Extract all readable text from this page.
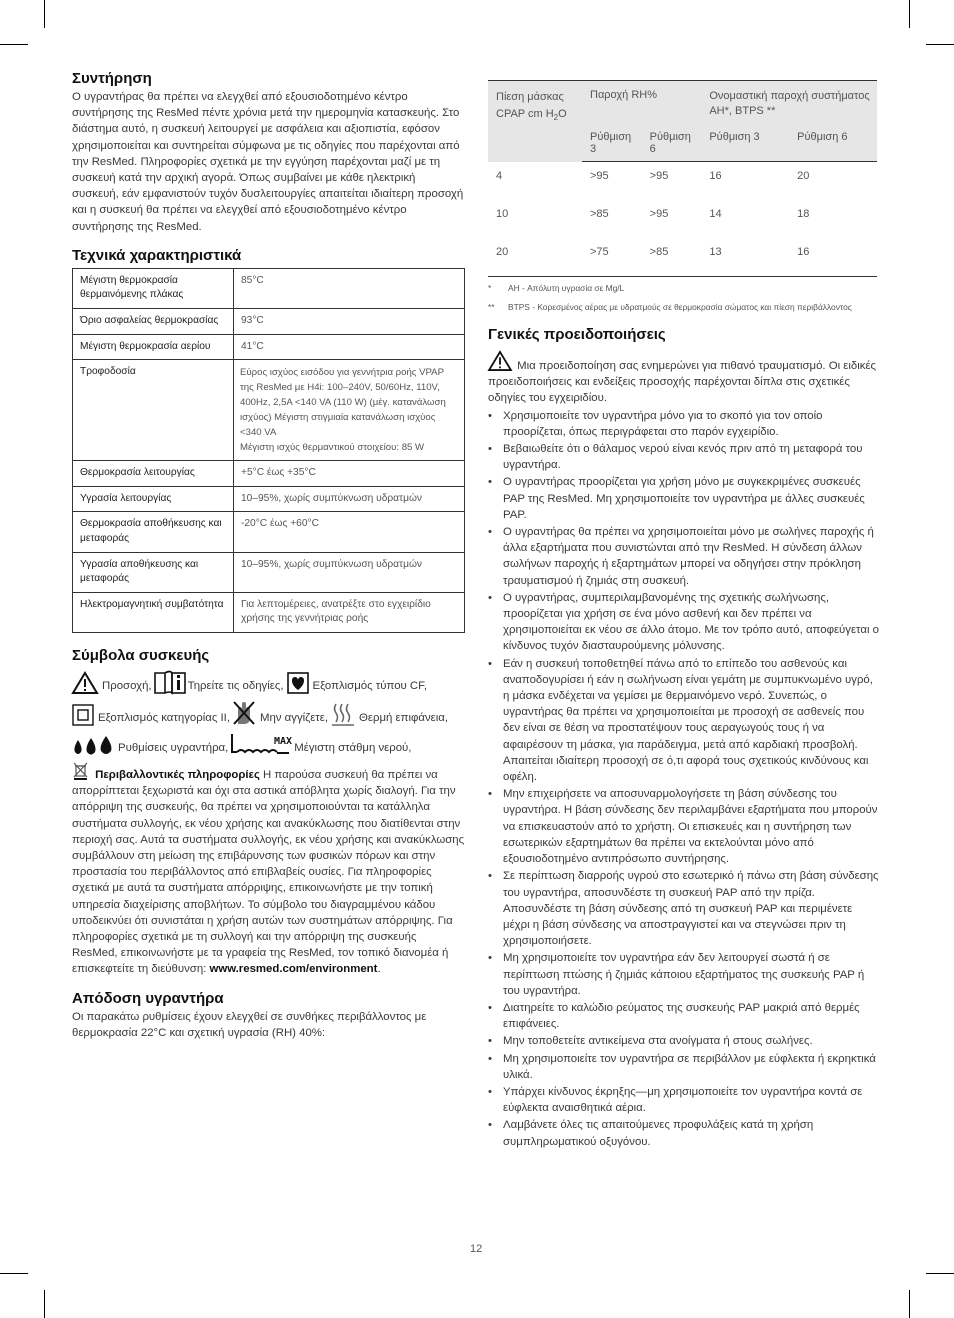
Συντήρηση

Ο υγραντήρας θα πρέπει να ελεγχθεί από εξουσιοδοτημένο κέντρο συντήρησης της ResMed πέντε χρόνια μετά την ημερομηνία κατασκευής. Στο διάστημα αυτό, η συσκευή λειτουργεί με ασφάλεια και αξιοπιστία, εφόσον χρησιμοποιείται και συντηρείται σύμφωνα με τις οδηγίες που παρέχονται από την ResMed. Πληροφορίες σχετικά με την εγγύηση παρέχονται μαζί με τη συσκευή κατά την αρχική αγορά. Όπως συμβαίνει με κάθε ηλεκτρική συσκευή, εάν εμφανιστούν τυχόν δυσλειτουργίες απαιτείται ιδιαίτερη προσοχή και η συσκευή θα πρέπει να ελεγχθεί από εξουσιοδοτημένο κέντρο συντήρησης της ResMed.

Τεχνικά χαρακτηριστικά
Μέγιστη θερμοκρασία θερμαινόμενης πλάκας	85°C
Όριο ασφαλείας θερμοκρασίας	93°C
Μέγιστη θερμοκρασία αερίου	41°C
Τροφοδοσία	Εύρος ισχύος εισόδου για γεννήτρια ροής VPAP της ResMed με H4i: 100–240V, 50/60Hz, 110V, 400Hz, 2,5A <140 VA (110 W) (μέγ. κατανάλωση ισχύος) Μέγιστη στιγμιαία κατανάλωση ισχύος <340 VA
Μέγιστη ισχύς θερμαντικού στοιχείου: 85 W
Θερμοκρασία λειτουργίας	+5°C έως +35°C
Υγρασία λειτουργίας	10–95%, χωρίς συμπύκνωση υδρατμών
Θερμοκρασία αποθήκευσης και μεταφοράς	-20°C έως +60°C
Υγρασία αποθήκευσης και μεταφοράς	10–95%, χωρίς συμπύκνωση υδρατμών
Ηλεκτρομαγνητική συμβατότητα	Για λεπτομέρειες, ανατρέξτε στο εγχειρίδιο χρήσης της γεννήτριας ροής
Σύμβολα συσκευής
Προσοχή,	Τηρείτε τις οδηγίες,	Εξοπλισμός τύπου CF,
Εξοπλισμός κατηγορίας II,	Μην αγγίζετε,	Θερμή επιφάνεια,
Ρυθμίσεις υγραντήρα,
MAX
Μέγιστη στάθμη νερού,

Περιβαλλοντικές πληροφορίες Η παρούσα συσκευή θα πρέπει να απορρίπτεται ξεχωριστά και όχι στα αστικά απόβλητα χωρίς διαλογή. Για την απόρριψη της συσκευής, θα πρέπει να χρησιμοποιούνται τα κατάλληλα συστήματα συλλογής, εκ νέου χρήσης και ανακύκλωσης που διατίθενται στην περιοχή σας. Αυτά τα συστήματα συλλογής, εκ νέου χρήσης και ανακύκλωσης συμβάλλουν στη μείωση της επιβάρυνσης των φυσικών πόρων και στην προστασία του περιβάλλοντος από επιβλαβείς ουσίες. Για πληροφορίες σχετικά με αυτά τα συστήματα απόρριψης, επικοινωνήστε με την τοπική υπηρεσία διαχείρισης αποβλήτων. Το σύμβολο του διαγραμμένου κάδου υποδεικνύει ότι συνιστάται η χρήση αυτών των συστημάτων απόρριψης. Για πληροφορίες σχετικά με τη συλλογή και την απόρριψη της συσκευής ResMed, επικοινωνήστε με τα γραφεία της ResMed, τον τοπικό διανομέα ή επισκεφτείτε τη διεύθυνση: www.resmed.com/environment.

Απόδοση υγραντήρα

Οι παρακάτω ρυθμίσεις έχουν ελεγχθεί σε συνθήκες περιβάλλοντος με θερμοκρασία 22°C και σχετική υγρασία (RH) 40%:

Πίεση μάσκας CPAP cm $H_2O$	Παροχή RH%		Ονομαστική παροχή συστήματος AH*, BTPS **	
	Ρύθμιση 3	Ρύθμιση 6	Ρύθμιση 3	Ρύθμιση 6
4	>95	>95	16	20
10	>85	>95	14	18
20	>75	>85	13	16
*	AH - Απόλυτη υγρασία σε Mg/L
**	BTPS - Κορεσμένος αέρας με υδρατμούς σε θερμοκρασία σώματος και πίεση περιβάλλοντος
Γενικές προειδοποιήσεις

Μια προειδοποίηση σας ενημερώνει για πιθανό τραυματισμό. Οι ειδικές προειδοποιήσεις και ενδείξεις προσοχής παρέχονται δίπλα στις σχετικές οδηγίες του εγχειριδίου.

• Χρησιμοποιείτε τον υγραντήρα μόνο για το σκοπό για τον οποίο προορίζεται, όπως περιγράφεται στο παρόν εγχειρίδιο.
• Βεβαιωθείτε ότι ο θάλαμος νερού είναι κενός πριν από τη μεταφορά του υγραντήρα.
• Ο υγραντήρας προορίζεται για χρήση μόνο με συγκεκριμένες συσκευές PAP της ResMed. Μη χρησιμοποιείτε τον υγραντήρα με άλλες συσκευές PAP.
• Ο υγραντήρας θα πρέπει να χρησιμοποιείται μόνο με σωλήνες παροχής ή άλλα εξαρτήματα που συνιστώνται από την ResMed. Η σύνδεση άλλων σωλήνων παροχής ή εξαρτημάτων μπορεί να οδηγήσει στην πρόκληση τραυματισμού ή ζημιάς στη συσκευή.
• Ο υγραντήρας, συμπεριλαμβανομένης της σχετικής σωλήνωσης, προορίζεται για χρήση σε ένα μόνο ασθενή και δεν πρέπει να χρησιμοποιείται εκ νέου σε άλλο άτομο. Με τον τρόπο αυτό, αποφεύγεται ο κίνδυνος τυχόν διασταυρούμενης μόλυνσης.
• Εάν η συσκευή τοποθετηθεί πάνω από το επίπεδο του ασθενούς και αναποδογυρίσει ή εάν η σωλήνωση είναι γεμάτη με συμπυκνωμένο υγρό, η μάσκα ενδέχεται να γεμίσει με θερμαινόμενο νερό. Συνεπώς, ο υγραντήρας θα πρέπει να χρησιμοποιείται με προσοχή σε ασθενείς που δεν είναι σε θέση να προστατέψουν τους αεραγωγούς τους ή να αφαιρέσουν τη μάσκα, για παράδειγμα, μετά από καρδιακή προσβολή. Απαιτείται ιδιαίτερη προσοχή σε ό,τι αφορά τους σχετικούς κινδύνους και οφέλη.
• Μην επιχειρήσετε να αποσυναρμολογήσετε τη βάση σύνδεσης του υγραντήρα. Η βάση σύνδεσης δεν περιλαμβάνει εξαρτήματα που μπορούν να επισκευαστούν από το χρήστη. Οι επισκευές και η συντήρηση των εσωτερικών εξαρτημάτων θα πρέπει να εκτελούνται μόνο από εξουσιοδοτημένο αντιπρόσωπο συντήρησης.
• Σε περίπτωση διαρροής υγρού στο εσωτερικό ή πάνω στη βάση σύνδεσης του υγραντήρα, αποσυνδέστε τη συσκευή PAP από την πρίζα. Αποσυνδέστε τη βάση σύνδεσης από τη συσκευή PAP και περιμένετε μέχρι η βάση σύνδεσης να αποστραγγιστεί και να στεγνώσει πριν τη χρησιμοποιήσετε.
• Μη χρησιμοποιείτε τον υγραντήρα εάν δεν λειτουργεί σωστά ή σε περίπτωση πτώσης ή ζημιάς κάποιου εξαρτήματος της συσκευής PAP ή του υγραντήρα.
• Διατηρείτε το καλώδιο ρεύματος της συσκευής PAP μακριά από θερμές επιφάνειες.
• Μην τοποθετείτε αντικείμενα στα ανοίγματα ή στους σωλήνες.
• Μη χρησιμοποιείτε τον υγραντήρα σε περιβάλλον με εύφλεκτα ή εκρηκτικά υλικά.
• Υπάρχει κίνδυνος έκρηξης—μη χρησιμοποιείτε τον υγραντήρα κοντά σε εύφλεκτα αναισθητικά αέρια.
• Λαμβάνετε όλες τις απαιτούμενες προφυλάξεις κατά τη χρήση συμπληρωματικού οξυγόνου.
12
